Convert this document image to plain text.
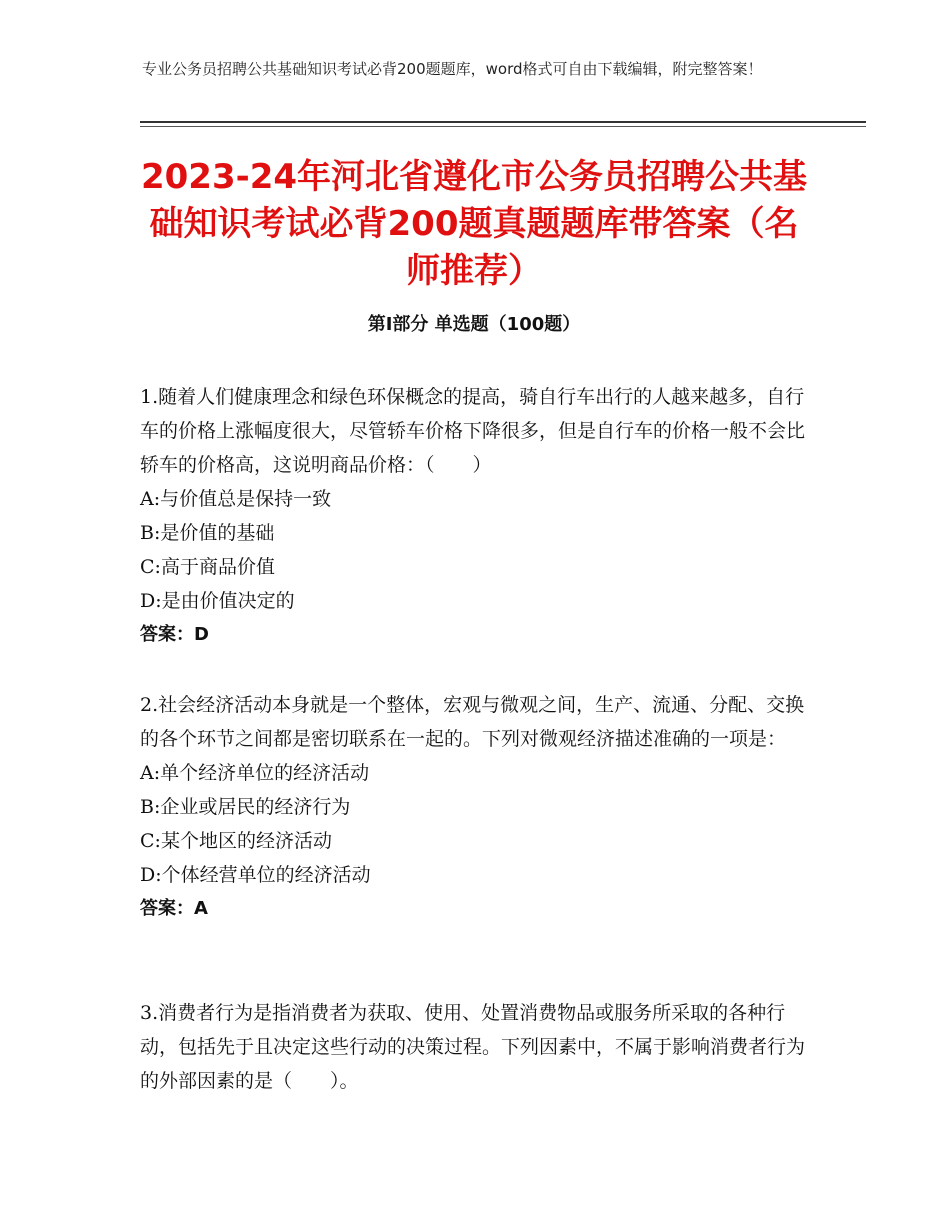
专业公务员招聘公共基础知识考试必背200题题库，word格式可自由下载编辑，附完整答案！
2023-24年河北省遵化市公务员招聘公共基础知识考试必背200题真题题库带答案（名师推荐）
第Ⅰ部分 单选题（100题）

1.随着人们健康理念和绿色环保概念的提高，骑自行车出行的人越来越多，自行车的价格上涨幅度很大，尽管轿车价格下降很多，但是自行车的价格一般不会比轿车的价格高，这说明商品价格：（　　）

A:与价值总是保持一致

B:是价值的基础

C:高于商品价值

D:是由价值决定的

答案：D

2.社会经济活动本身就是一个整体，宏观与微观之间，生产、流通、分配、交换的各个环节之间都是密切联系在一起的。下列对微观经济描述准确的一项是：

A:单个经济单位的经济活动

B:企业或居民的经济行为

C:某个地区的经济活动

D:个体经营单位的经济活动

答案：A

3.消费者行为是指消费者为获取、使用、处置消费物品或服务所采取的各种行动，包括先于且决定这些行动的决策过程。下列因素中，不属于影响消费者行为的外部因素的是（　　）。
